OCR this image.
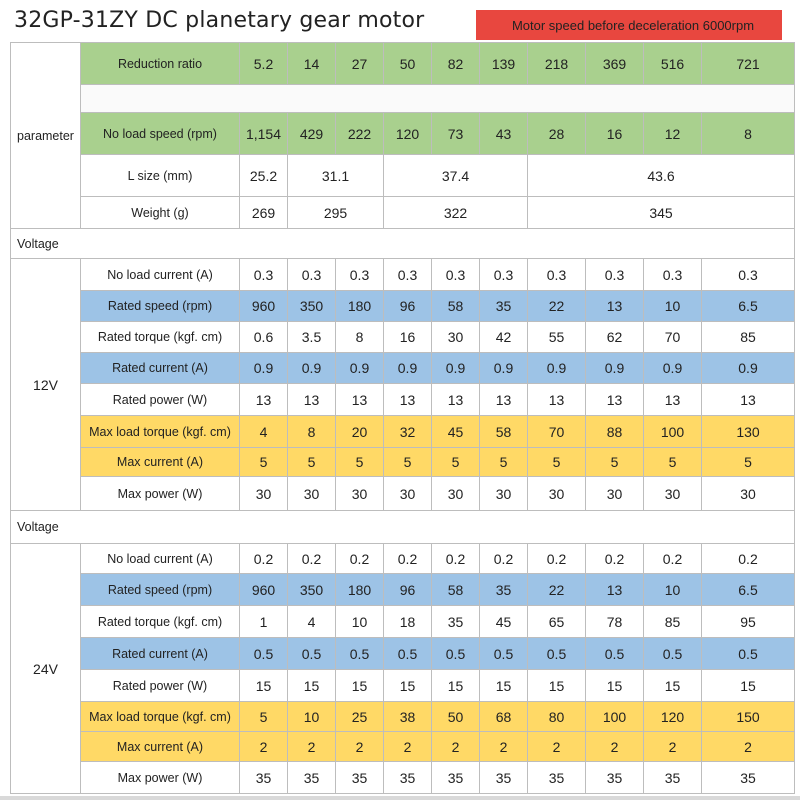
32GP-31ZY DC planetary gear motor	Motor speed before deceleration 6000rpm
parameter	Reduction ratio	5.2	14	27	50	82	139	218	369	516	721

	No load speed (rpm)	1,154	429	222	120	73	43	28	16	12	8
	L size (mm)	25.2	31.1		37.4			43.6			
	Weight (g)	269	295		322			345			
Voltage											
12V	No load current (A)	0.3	0.3	0.3	0.3	0.3	0.3	0.3	0.3	0.3	0.3
	Rated speed (rpm)	960	350	180	96	58	35	22	13	10	6.5
	Rated torque (kgf. cm)	0.6	3.5	8	16	30	42	55	62	70	85
	Rated current (A)	0.9	0.9	0.9	0.9	0.9	0.9	0.9	0.9	0.9	0.9
	Rated power (W)	13	13	13	13	13	13	13	13	13	13
	Max load torque (kgf. cm)	4	8	20	32	45	58	70	88	100	130
	Max current (A)	5	5	5	5	5	5	5	5	5	5
	Max power (W)	30	30	30	30	30	30	30	30	30	30
Voltage											
24V	No load current (A)	0.2	0.2	0.2	0.2	0.2	0.2	0.2	0.2	0.2	0.2
	Rated speed (rpm)	960	350	180	96	58	35	22	13	10	6.5
	Rated torque (kgf. cm)	1	4	10	18	35	45	65	78	85	95
	Rated current (A)	0.5	0.5	0.5	0.5	0.5	0.5	0.5	0.5	0.5	0.5
	Rated power (W)	15	15	15	15	15	15	15	15	15	15
	Max load torque (kgf. cm)	5	10	25	38	50	68	80	100	120	150
	Max current (A)	2	2	2	2	2	2	2	2	2	2
	Max power (W)	35	35	35	35	35	35	35	35	35	35
